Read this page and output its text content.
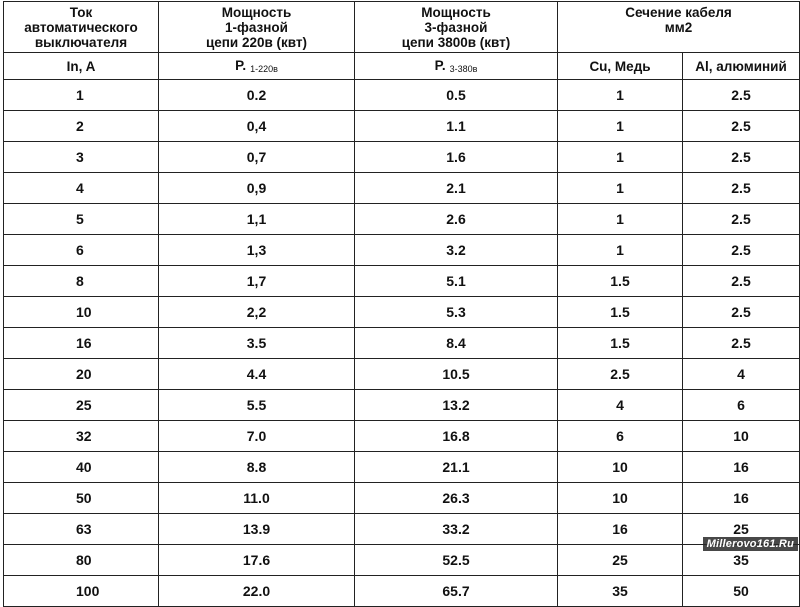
Ток
автоматического
выключателя	Мощность
1-фазной
цепи 220в (квт)	Мощность
3-фазной
цепи 3800в (квт)	Сечение кабеля
мм2	

In, A	P. $_{1-220в}$	P. $_{3-380в}$	Cu, Медь	Al, алюминий
1	0.2	0.5	1	2.5
2	0,4	1.1	1	2.5
3	0,7	1.6	1	2.5
4	0,9	2.1	1	2.5
5	1,1	2.6	1	2.5
6	1,3	3.2	1	2.5
8	1,7	5.1	1.5	2.5
10	2,2	5.3	1.5	2.5
16	3.5	8.4	1.5	2.5
20	4.4	10.5	2.5	4
25	5.5	13.2	4	6
32	7.0	16.8	6	10
40	8.8	21.1	10	16
50	11.0	26.3	10	16
63	13.9	33.2	16	25
80	17.6	52.5	25	35
100	22.0	65.7	35	50
Millerovo161.Ru
